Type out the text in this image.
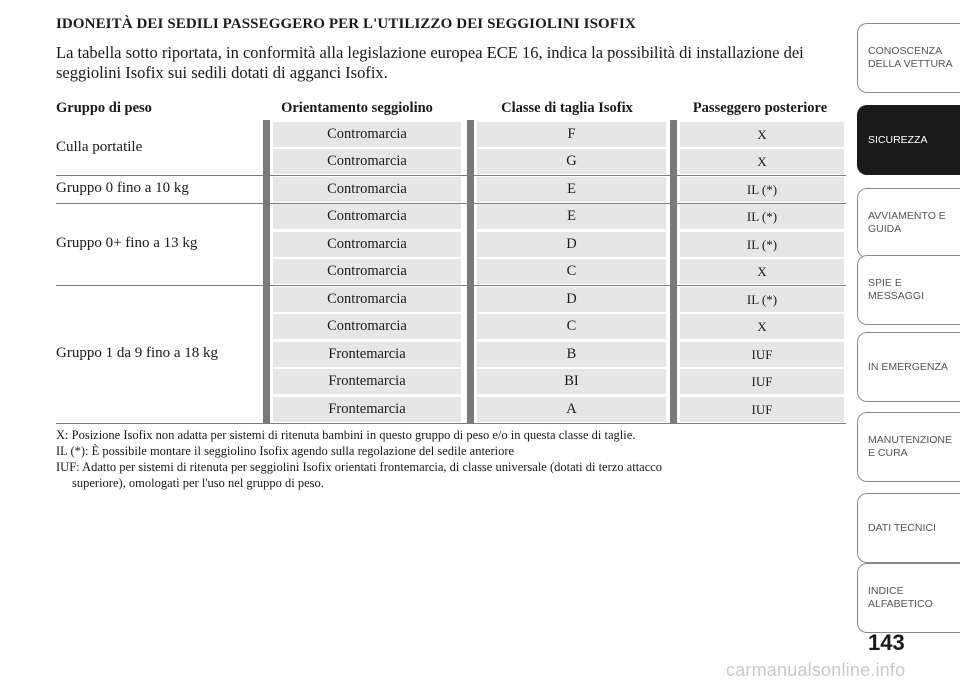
IDONEITÀ DEI SEDILI PASSEGGERO PER L'UTILIZZO DEI SEGGIOLINI ISOFIX

La tabella sotto riportata, in conformità alla legislazione europea ECE 16, indica la possibilità di installazione dei seggiolini Isofix sui sedili dotati di agganci Isofix.

Gruppo di peso	Orientamento seggiolino	Classe di taglia Isofix	Passeggero posteriore
Culla portatile
Contromarcia	F	X
Contromarcia	G	X
Gruppo 0 fino a 10 kg	Contromarcia	E	IL (*)
Gruppo 0+ fino a 13 kg
Contromarcia	E	IL (*)
Contromarcia	D	IL (*)
Contromarcia	C	X
Gruppo 1 da 9 fino a 18 kg
Contromarcia	D	IL (*)
Contromarcia	C	X
Frontemarcia	B	IUF
Frontemarcia	BI	IUF
Frontemarcia	A	IUF

X: Posizione Isofix non adatta per sistemi di ritenuta bambini in questo gruppo di peso e/o in questa classe di taglie.

IL (*): È possibile montare il seggiolino Isofix agendo sulla regolazione del sedile anteriore

IUF: Adatto per sistemi di ritenuta per seggiolini Isofix orientati frontemarcia, di classe universale (dotati di terzo attacco

superiore), omologati per l'uso nel gruppo di peso.

CONOSCENZA DELLA VETTURA
SICUREZZA
AVVIAMENTO E GUIDA
SPIE E MESSAGGI
IN EMERGENZA
MANUTENZIONE E CURA
DATI TECNICI
INDICE ALFABETICO
143
carmanualsonline.info
